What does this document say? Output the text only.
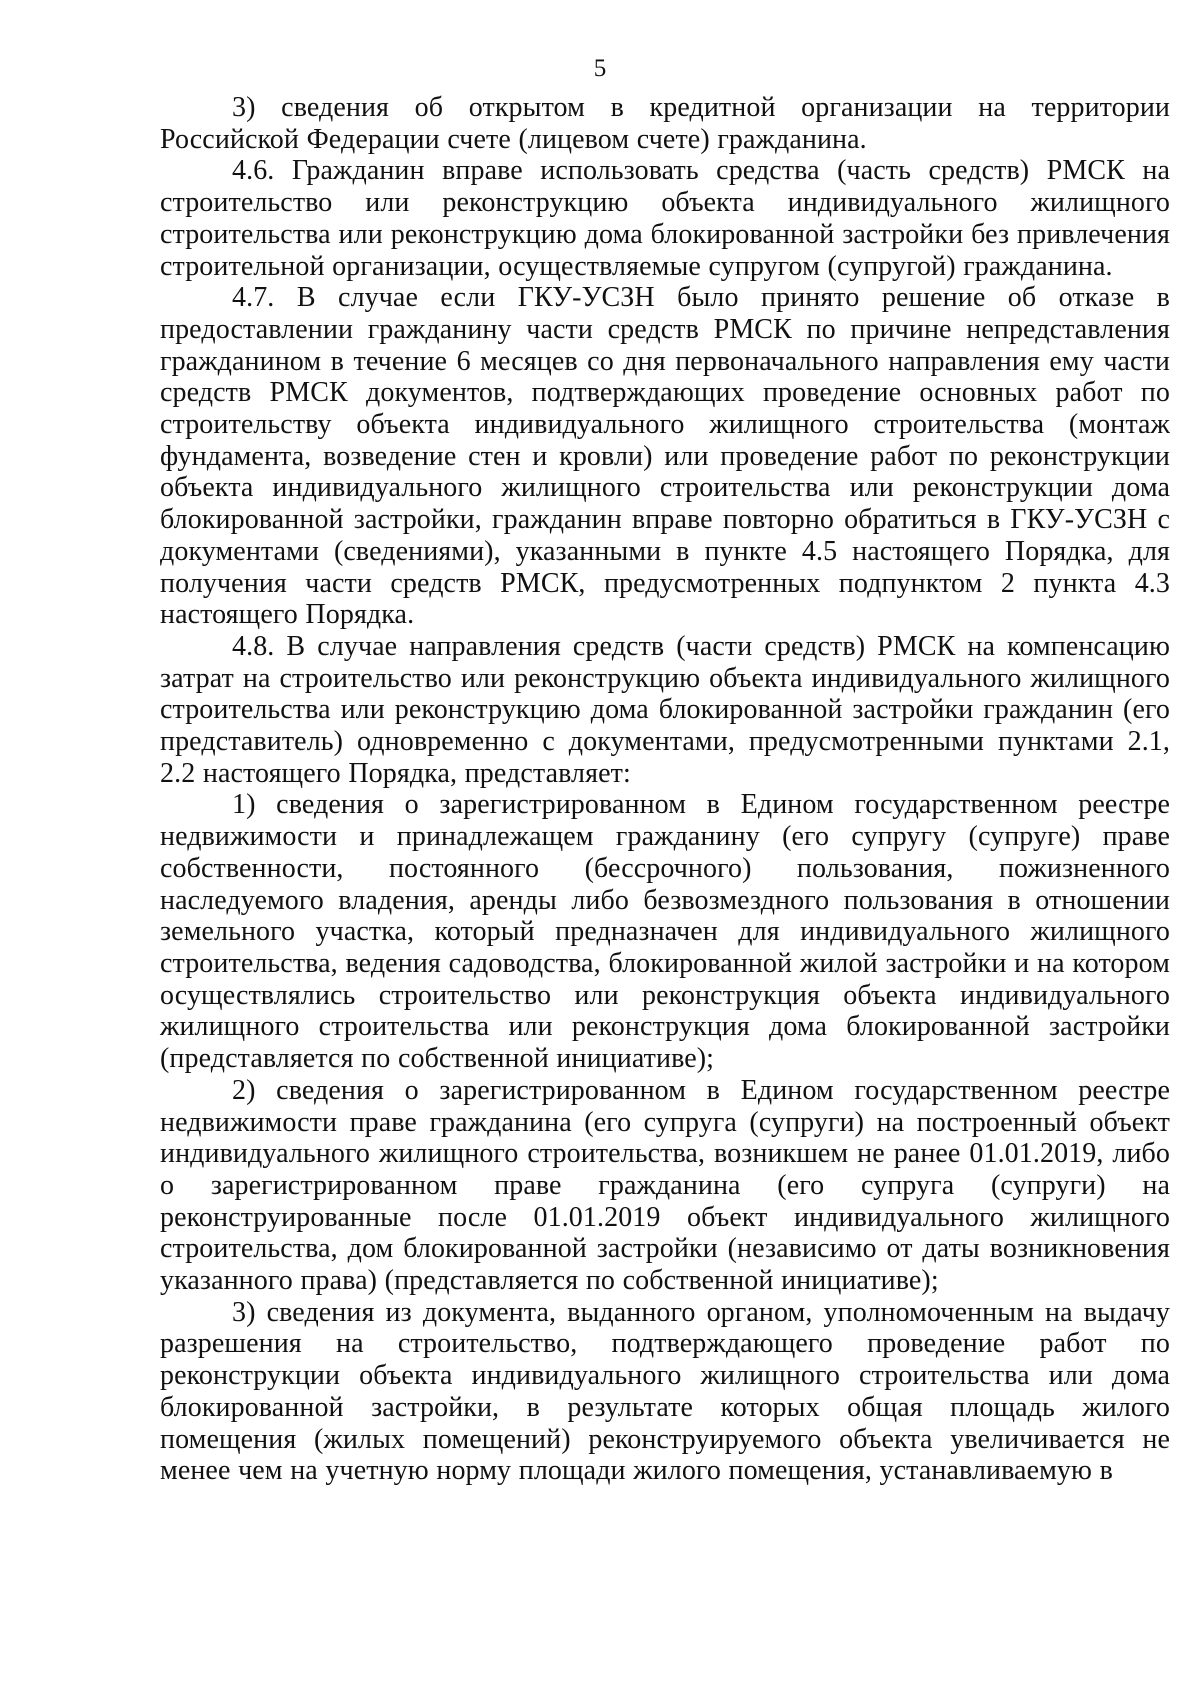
5

3) сведения об открытом в кредитной организации на территории Российской Федерации счете (лицевом счете) гражданина.

4.6. Гражданин вправе использовать средства (часть средств) РМСК на строительство или реконструкцию объекта индивидуального жилищного строительства или реконструкцию дома блокированной застройки без привлечения строительной организации, осуществляемые супругом (супругой) гражданина.

4.7. В случае если ГКУ-УСЗН было принято решение об отказе в предоставлении гражданину части средств РМСК по причине непредставления гражданином в течение 6 месяцев со дня первоначального направления ему части средств РМСК документов, подтверждающих проведение основных работ по строительству объекта индивидуального жилищного строительства (монтаж фундамента, возведение стен и кровли) или проведение работ по реконструкции объекта индивидуального жилищного строительства или реконструкции дома блокированной застройки, гражданин вправе повторно обратиться в ГКУ-УСЗН с документами (сведениями), указанными в пункте 4.5 настоящего Порядка, для получения части средств РМСК, предусмотренных подпунктом 2 пункта 4.3 настоящего Порядка.

4.8. В случае направления средств (части средств) РМСК на компенсацию затрат на строительство или реконструкцию объекта индивидуального жилищного строительства или реконструкцию дома блокированной застройки гражданин (его представитель) одновременно с документами, предусмотренными пунктами 2.1, 2.2 настоящего Порядка, представляет:

1) сведения о зарегистрированном в Едином государственном реестре недвижимости и принадлежащем гражданину (его супругу (супруге) праве собственности, постоянного (бессрочного) пользования, пожизненного наследуемого владения, аренды либо безвозмездного пользования в отношении земельного участка, который предназначен для индивидуального жилищного строительства, ведения садоводства, блокированной жилой застройки и на котором осуществлялись строительство или реконструкция объекта индивидуального жилищного строительства или реконструкция дома блокированной застройки (представляется по собственной инициативе);

2) сведения о зарегистрированном в Едином государственном реестре недвижимости праве гражданина (его супруга (супруги) на построенный объект индивидуального жилищного строительства, возникшем не ранее 01.01.2019, либо о зарегистрированном праве гражданина (его супруга (супруги) на реконструированные после 01.01.2019 объект индивидуального жилищного строительства, дом блокированной застройки (независимо от даты возникновения указанного права) (представляется по собственной инициативе);

3) сведения из документа, выданного органом, уполномоченным на выдачу разрешения на строительство, подтверждающего проведение работ по реконструкции объекта индивидуального жилищного строительства или дома блокированной застройки, в результате которых общая площадь жилого помещения (жилых помещений) реконструируемого объекта увеличивается не менее чем на учетную норму площади жилого помещения, устанавливаемую в
